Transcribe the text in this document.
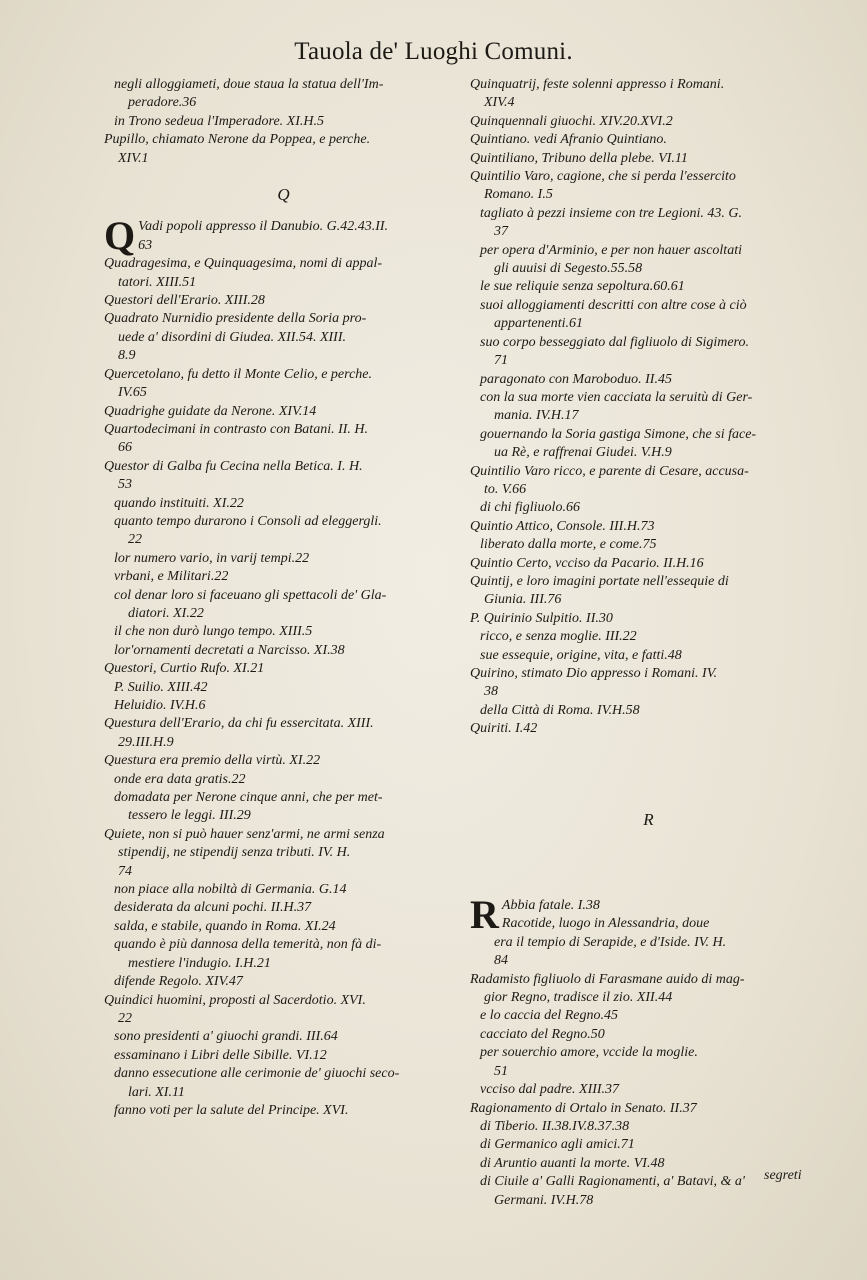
Tauola de' Luoghi Comuni.
negli alloggiameti, doue staua la statua dell'Im-
peradore.36
in Trono sedeua l'Imperadore. XI.H.5
Pupillo, chiamato Nerone da Poppea, e perche.
XIV.1
Q
Q Vadi popoli appresso il Danubio. G.42.43.II.
63
Quadragesima, e Quinquagesima, nomi di appal-
tatori. XIII.51
Questori dell'Erario. XIII.28
Quadrato Nurnidio presidente della Soria pro-
uede a' disordini di Giudea. XII.54. XIII.
8.9
Quercetolano, fu detto il Monte Celio, e perche.
IV.65
Quadrighe guidate da Nerone. XIV.14
Quartodecimani in contrasto con Batani. II. H.
66
Questor di Galba fu Cecina nella Betica. I. H.
53
quando instituiti. XI.22
quanto tempo durarono i Consoli ad eleggergli.
22
lor numero vario, in varij tempi.22
vrbani, e Militari.22
col denar loro si faceuano gli spettacoli de' Gla-
diatori. XI.22
il che non durò lungo tempo. XIII.5
lor'ornamenti decretati a Narcisso. XI.38
Questori, Curtio Rufo. XI.21
P. Suilio. XIII.42
Heluidio. IV.H.6
Questura dell'Erario, da chi fu essercitata. XIII.
29.III.H.9
Questura era premio della virtù. XI.22
onde era data gratis.22
domadata per Nerone cinque anni, che per met-
tessero le leggi. III.29
Quiete, non si può hauer senz'armi, ne armi senza
stipendij, ne stipendij senza tributi. IV. H.
74
non piace alla nobiltà di Germania. G.14
desiderata da alcuni pochi. II.H.37
salda, e stabile, quando in Roma. XI.24
quando è più dannosa della temerità, non fà di-
mestiere l'indugio. I.H.21
difende Regolo. XIV.47
Quindici huomini, proposti al Sacerdotio. XVI.
22
sono presidenti a' giuochi grandi. III.64
essaminano i Libri delle Sibille. VI.12
danno essecutione alle cerimonie de' giuochi seco-
lari. XI.11
fanno voti per la salute del Principe. XVI.
Quinquatrij, feste solenni appresso i Romani.
XIV.4
Quinquennali giuochi. XIV.20.XVI.2
Quintiano. vedi Afranio Quintiano.
Quintiliano, Tribuno della plebe. VI.11
Quintilio Varo, cagione, che si perda l'essercito
Romano. I.5
tagliato à pezzi insieme con tre Legioni. 43. G.
37
per opera d'Arminio, e per non hauer ascoltati
gli auuisi di Segesto.55.58
le sue reliquie senza sepoltura.60.61
suoi alloggiamenti descritti con altre cose à ciò
appartenenti.61
suo corpo besseggiato dal figliuolo di Sigimero.
71
paragonato con Maroboduo. II.45
con la sua morte vien cacciata la seruitù di Ger-
mania. IV.H.17
gouernando la Soria gastiga Simone, che si face-
ua Rè, e raffrenai Giudei. V.H.9
Quintilio Varo ricco, e parente di Cesare, accusa-
to. V.66
di chi figliuolo.66
Quintio Attico, Console. III.H.73
liberato dalla morte, e come.75
Quintio Certo, vcciso da Pacario. II.H.16
Quintij, e loro imagini portate nell'essequie di
Giunia. III.76
P. Quirinio Sulpitio. II.30
ricco, e senza moglie. III.22
sue essequie, origine, vita, e fatti.48
Quirino, stimato Dio appresso i Romani. IV.
38
della Città di Roma. IV.H.58
Quiriti. I.42
R
R Abbia fatale. I.38
Racotide, luogo in Alessandria, doue
era il tempio di Serapide, e d'Iside. IV. H.
84
Radamisto figliuolo di Farasmane auido di mag-
gior Regno, tradisce il zio. XII.44
e lo caccia del Regno.45
cacciato del Regno.50
per souerchio amore, vccide la moglie.
51
vcciso dal padre. XIII.37
Ragionamento di Ortalo in Senato. II.37
di Tiberio. II.38.IV.8.37.38
di Germanico agli amici.71
di Aruntio auanti la morte. VI.48
di Ciuile a' Galli Ragionamenti, a' Batavi, & a'
Germani. IV.H.78
segreti
